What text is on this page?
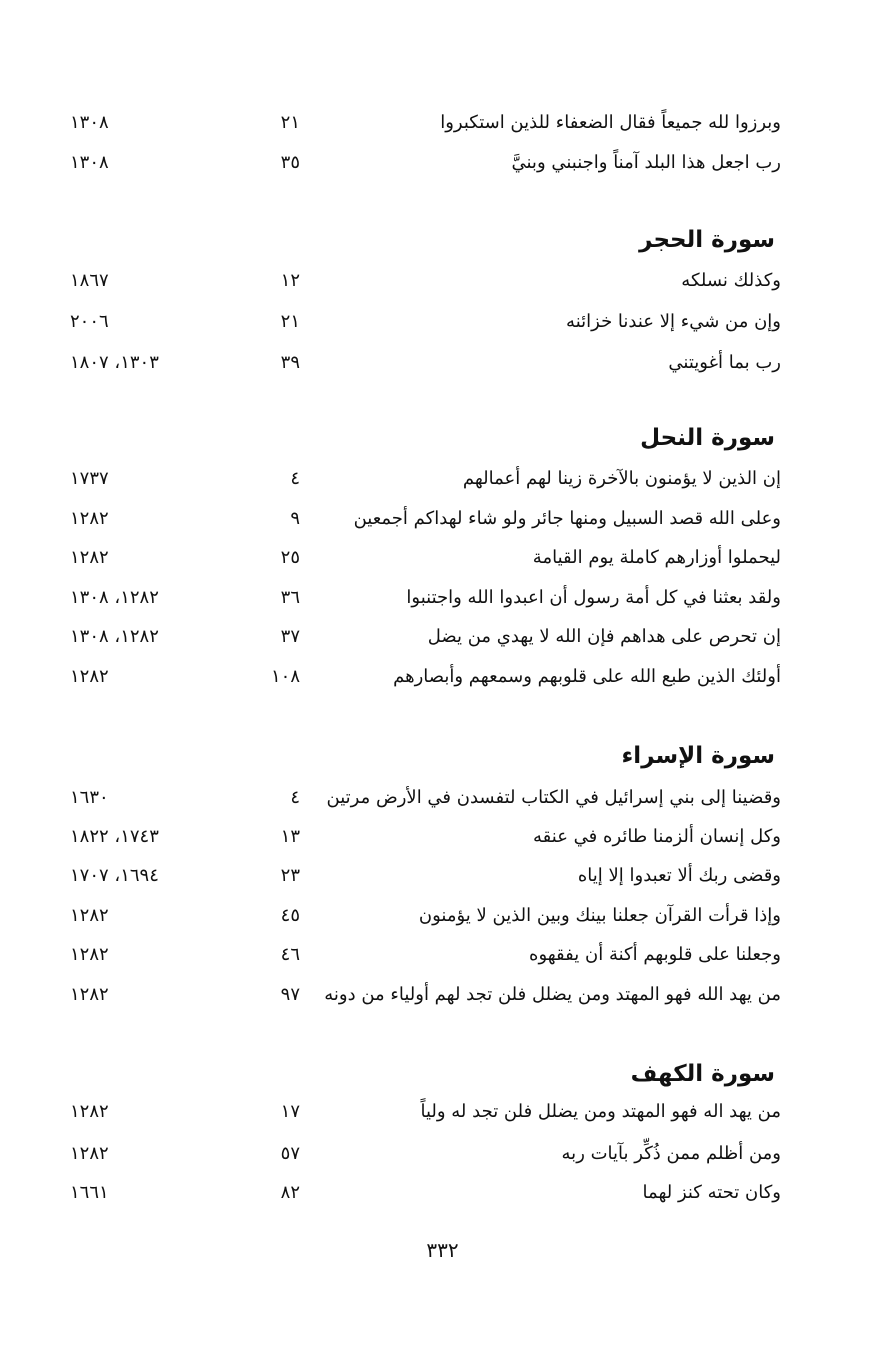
وبرزوا لله جميعاً فقال الضعفاء للذين استكبروا
٢١
١٣٠٨
رب اجعل هذا البلد آمناً واجنبني وبنيَّ
٣٥
١٣٠٨
سورة الحجر
وكذلك نسلكه
١٢
١٨٦٧
وإن من شيء إلا عندنا خزائنه
٢١
٢٠٠٦
رب بما أغويتني
٣٩
١٣٠٣، ١٨٠٧
سورة النحل
إن الذين لا يؤمنون بالآخرة زينا لهم أعمالهم
٤
١٧٣٧
وعلى الله قصد السبيل ومنها جائر ولو شاء لهداكم أجمعين
٩
١٢٨٢
ليحملوا أوزارهم كاملة يوم القيامة
٢٥
١٢٨٢
ولقد بعثنا في كل أمة رسول أن اعبدوا الله واجتنبوا
٣٦
١٢٨٢، ١٣٠٨
إن تحرص على هداهم فإن الله لا يهدي من يضل
٣٧
١٢٨٢، ١٣٠٨
أولئك الذين طبع الله على قلوبهم وسمعهم وأبصارهم
١٠٨
١٢٨٢
سورة الإسراء
وقضينا إلى بني إسرائيل في الكتاب لتفسدن في الأرض مرتين
٤
١٦٣٠
وكل إنسان ألزمنا طائره في عنقه
١٣
١٧٤٣، ١٨٢٢
وقضى ربك ألا تعبدوا إلا إياه
٢٣
١٦٩٤، ١٧٠٧
وإذا قرأت القرآن جعلنا بينك وبين الذين لا يؤمنون
٤٥
١٢٨٢
وجعلنا على قلوبهم أكنة أن يفقهوه
٤٦
١٢٨٢
من يهد الله فهو المهتد ومن يضلل فلن تجد لهم أولياء من دونه
٩٧
١٢٨٢
سورة الكهف
من يهد اله فهو المهتد ومن يضلل فلن تجد له ولياً
١٧
١٢٨٢
ومن أظلم ممن ذُكِّر بآيات ربه
٥٧
١٢٨٢
وكان تحته كنز لهما
٨٢
١٦٦١
٣٣٢
